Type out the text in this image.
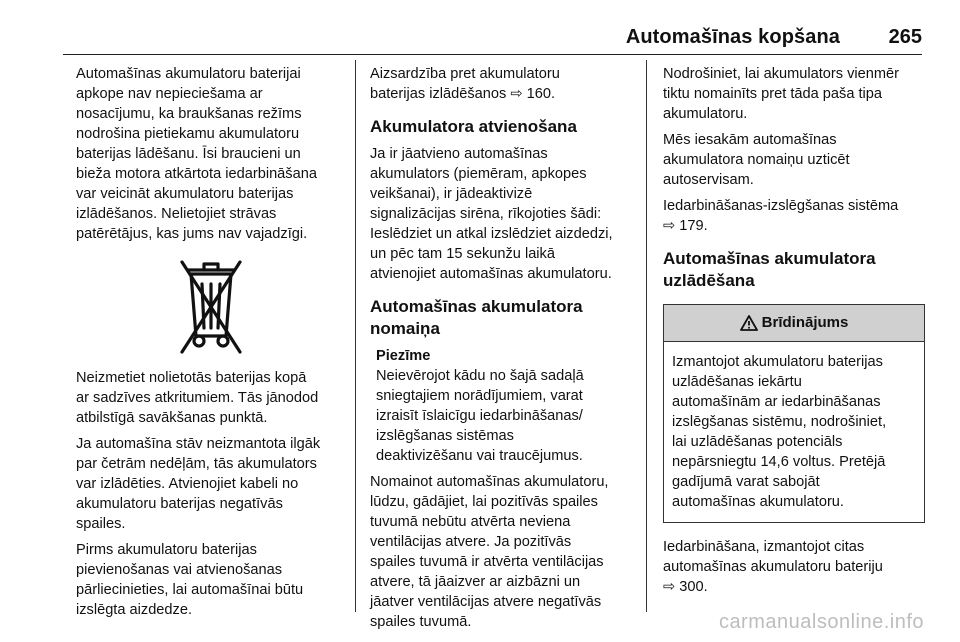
Automašīnas kopšana 265

Automašīnas akumulatoru baterijai
apkope nav nepieciešama ar
nosacījumu, ka braukšanas režīms
nodrošina pietiekamu akumulatoru
baterijas lādēšanu. Īsi braucieni un
bieža motora atkārtota iedarbināšana
var veicināt akumulatoru baterijas
izlādēšanos. Nelietojiet strāvas
patērētājus, kas jums nav vajadzīgi.

Neizmetiet nolietotās baterijas kopā
ar sadzīves atkritumiem. Tās jānodod
atbilstīgā savākšanas punktā.

Ja automašīna stāv neizmantota ilgāk
par četrām nedēļām, tās akumulators
var izlādēties. Atvienojiet kabeli no
akumulatoru baterijas negatīvās
spailes.

Pirms akumulatoru baterijas
pievienošanas vai atvienošanas
pārliecinieties, lai automašīnai būtu
izslēgta aizdedze.

Aizsardzība pret akumulatoru
baterijas izlādēšanos ⇨ 160.

Akumulatora atvienošana

Ja ir jāatvieno automašīnas
akumulators (piemēram, apkopes
veikšanai), ir jādeaktivizē
signalizācijas sirēna, rīkojoties šādi:
Ieslēdziet un atkal izslēdziet aizdedzi,
un pēc tam 15 sekunžu laikā
atvienojiet automašīnas akumulatoru.

Automašīnas akumulatora
nomaiņa
Piezīme
Neievērojot kādu no šajā sadaļā
sniegtajiem norādījumiem, varat
izraisīt īslaicīgu iedarbināšanas/
izslēgšanas sistēmas
deaktivizēšanu vai traucējumus.

Nomainot automašīnas akumulatoru,
lūdzu, gādājiet, lai pozitīvās spailes
tuvumā nebūtu atvērta neviena
ventilācijas atvere. Ja pozitīvās
spailes tuvumā ir atvērta ventilācijas
atvere, tā jāaizver ar aizbāzni un
jāatver ventilācijas atvere negatīvās
spailes tuvumā.

Nodrošiniet, lai akumulators vienmēr
tiktu nomainīts pret tāda paša tipa
akumulatoru.

Mēs iesakām automašīnas
akumulatora nomaiņu uzticēt
autoservisam.

Iedarbināšanas-izslēgšanas sistēma
⇨ 179.

Automašīnas akumulatora
uzlādēšana
Brīdinājums
Izmantojot akumulatoru baterijas
uzlādēšanas iekārtu
automašīnām ar iedarbināšanas
izslēgšanas sistēmu, nodrošiniet,
lai uzlādēšanas potenciāls
nepārsniegtu 14,6 voltus. Pretējā
gadījumā varat sabojāt
automašīnas akumulatoru.

Iedarbināšana, izmantojot citas
automašīnas akumulatoru bateriju
⇨ 300.

carmanualsonline.info
